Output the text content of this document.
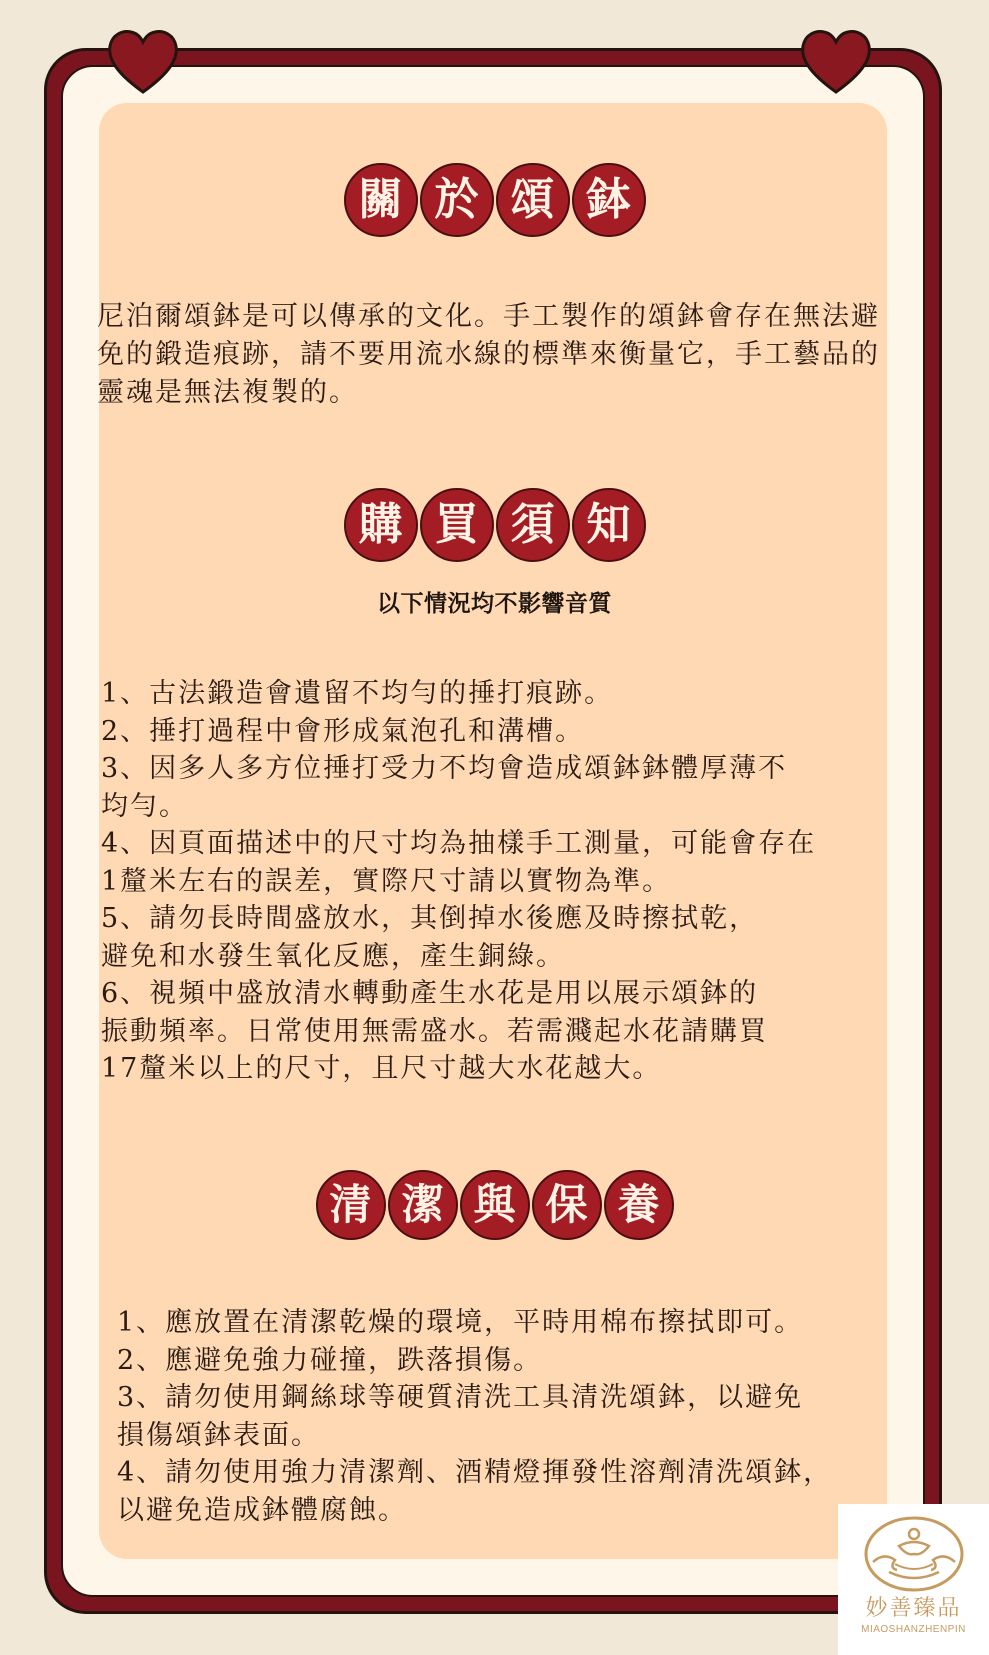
關 於 頌 鉢

尼泊爾頌鉢是可以傳承的文化。手工製作的頌鉢會存在無法避免的鍛造痕跡，請不要用流水線的標準來衡量它，手工藝品的靈魂是無法複製的。

購 買 須 知
以下情況均不影響音質
1、古法鍛造會遺留不均勻的捶打痕跡。
2、捶打過程中會形成氣泡孔和溝槽。
3、因多人多方位捶打受力不均會造成頌鉢鉢體厚薄不
均勻。
4、因頁面描述中的尺寸均為抽樣手工測量，可能會存在
1釐米左右的誤差，實際尺寸請以實物為準。
5、請勿長時間盛放水，其倒掉水後應及時擦拭乾，
避免和水發生氧化反應，產生銅綠。
6、視頻中盛放清水轉動產生水花是用以展示頌鉢的
振動頻率。日常使用無需盛水。若需濺起水花請購買
17釐米以上的尺寸，且尺寸越大水花越大。
清 潔 與 保 養
1、應放置在清潔乾燥的環境，平時用棉布擦拭即可。
2、應避免強力碰撞，跌落損傷。
3、請勿使用鋼絲球等硬質清洗工具清洗頌鉢，以避免
損傷頌鉢表面。
4、請勿使用強力清潔劑、酒精燈揮發性溶劑清洗頌鉢，
以避免造成鉢體腐蝕。
妙善臻品
MIAOSHANZHENPIN
